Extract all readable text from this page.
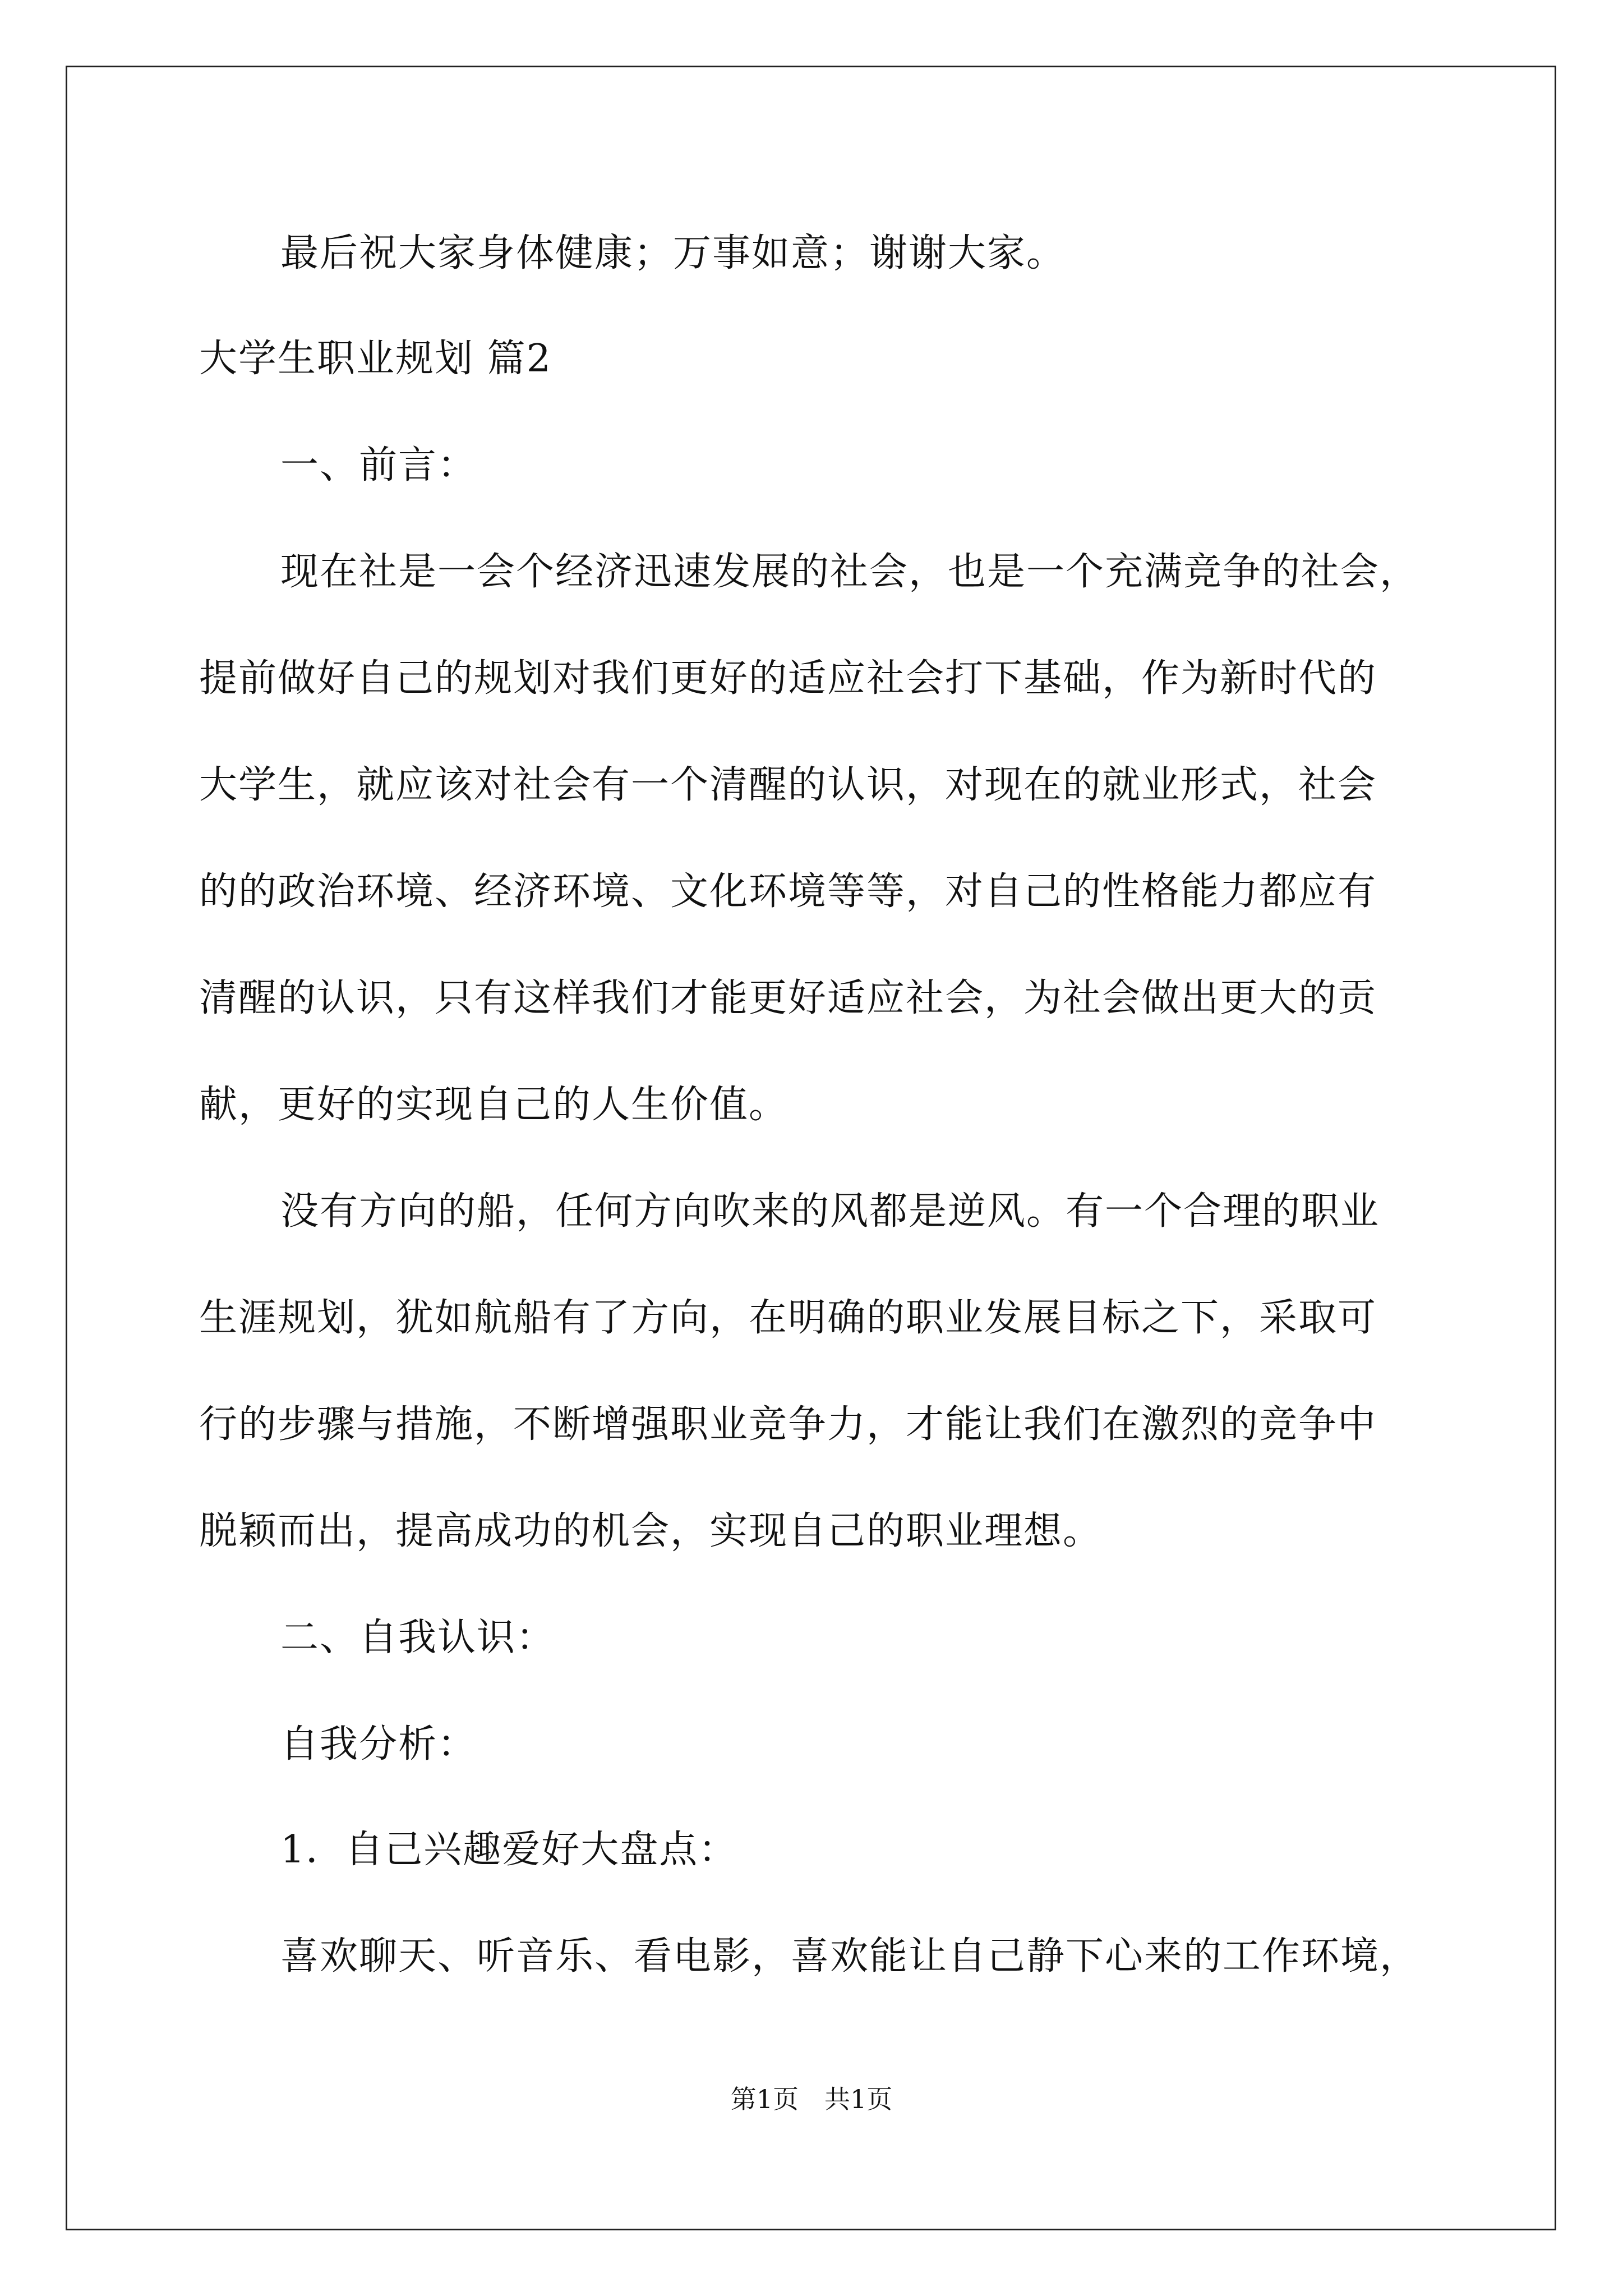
最后祝大家身体健康；万事如意；谢谢大家。
大学生职业规划 篇2
一、前言：
现在社是一会个经济迅速发展的社会，也是一个充满竞争的社会，
提前做好自己的规划对我们更好的适应社会打下基础，作为新时代的
大学生，就应该对社会有一个清醒的认识，对现在的就业形式，社会
的的政治环境、经济环境、文化环境等等，对自己的性格能力都应有
清醒的认识，只有这样我们才能更好适应社会，为社会做出更大的贡
献，更好的实现自己的人生价值。
没有方向的船，任何方向吹来的风都是逆风。有一个合理的职业
生涯规划，犹如航船有了方向，在明确的职业发展目标之下，采取可
行的步骤与措施，不断增强职业竞争力，才能让我们在激烈的竞争中
脱颖而出，提高成功的机会，实现自己的职业理想。
二、自我认识：
自我分析：
1．自己兴趣爱好大盘点：
喜欢聊天、听音乐、看电影，喜欢能让自己静下心来的工作环境，
第1页　共1页
